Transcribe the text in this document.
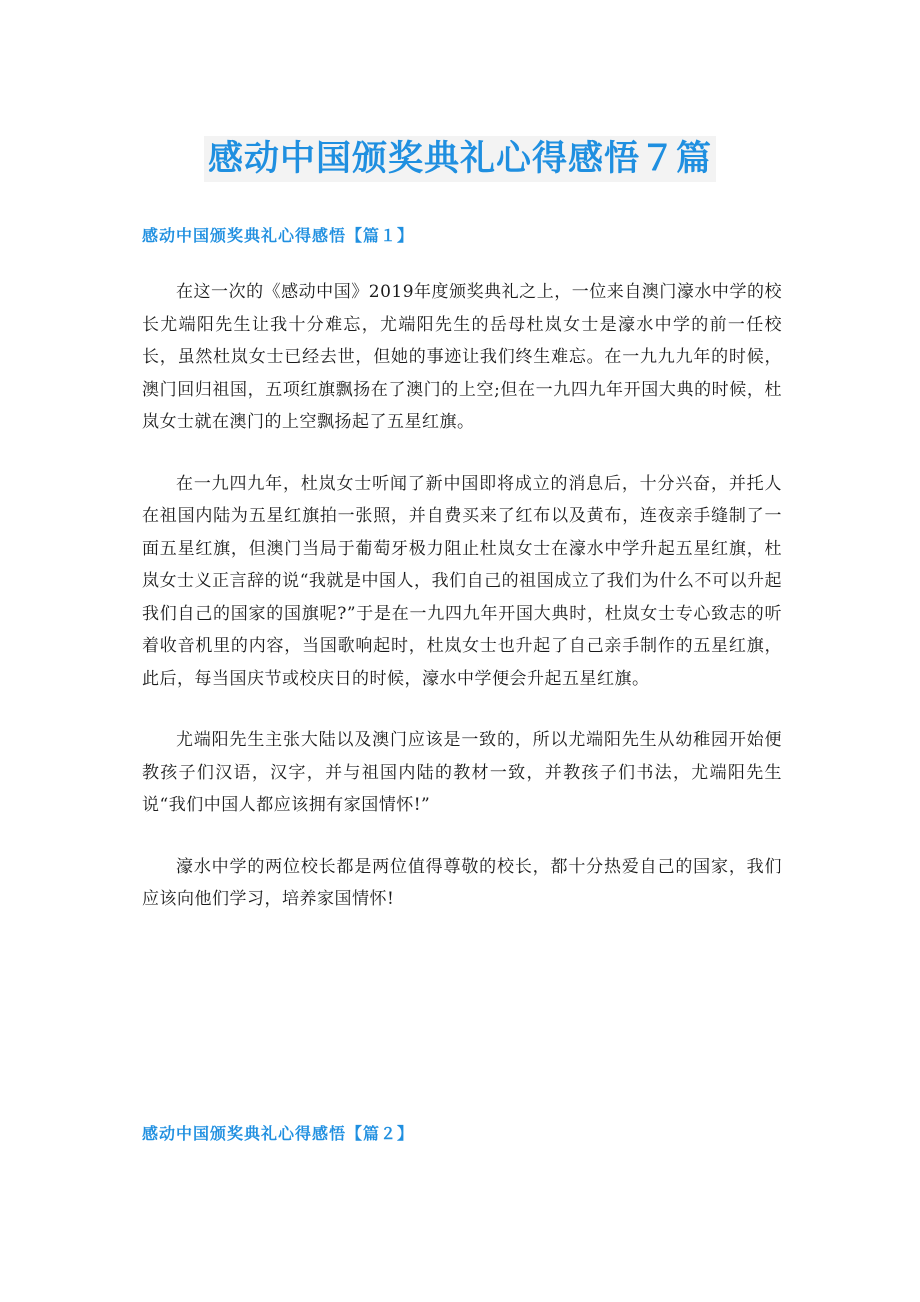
感动中国颁奖典礼心得感悟７篇
感动中国颁奖典礼心得感悟【篇１】

在这一次的《感动中国》2019年度颁奖典礼之上，一位来自澳门濠水中学的校长尤端阳先生让我十分难忘，尤端阳先生的岳母杜岚女士是濠水中学的前一任校长，虽然杜岚女士已经去世，但她的事迹让我们终生难忘。在一九九九年的时候，澳门回归祖国，五项红旗飘扬在了澳门的上空;但在一九四九年开国大典的时候，杜岚女士就在澳门的上空飘扬起了五星红旗。

在一九四九年，杜岚女士听闻了新中国即将成立的消息后，十分兴奋，并托人在祖国内陆为五星红旗拍一张照，并自费买来了红布以及黄布，连夜亲手缝制了一面五星红旗，但澳门当局于葡萄牙极力阻止杜岚女士在濠水中学升起五星红旗，杜岚女士义正言辞的说“我就是中国人，我们自己的祖国成立了我们为什么不可以升起我们自己的国家的国旗呢?”于是在一九四九年开国大典时，杜岚女士专心致志的听着收音机里的内容，当国歌响起时，杜岚女士也升起了自己亲手制作的五星红旗，此后，每当国庆节或校庆日的时候，濠水中学便会升起五星红旗。

尤端阳先生主张大陆以及澳门应该是一致的，所以尤端阳先生从幼稚园开始便教孩子们汉语，汉字，并与祖国内陆的教材一致，并教孩子们书法，尤端阳先生说“我们中国人都应该拥有家国情怀!”

濠水中学的两位校长都是两位值得尊敬的校长，都十分热爱自己的国家，我们应该向他们学习，培养家国情怀!

感动中国颁奖典礼心得感悟【篇２】
